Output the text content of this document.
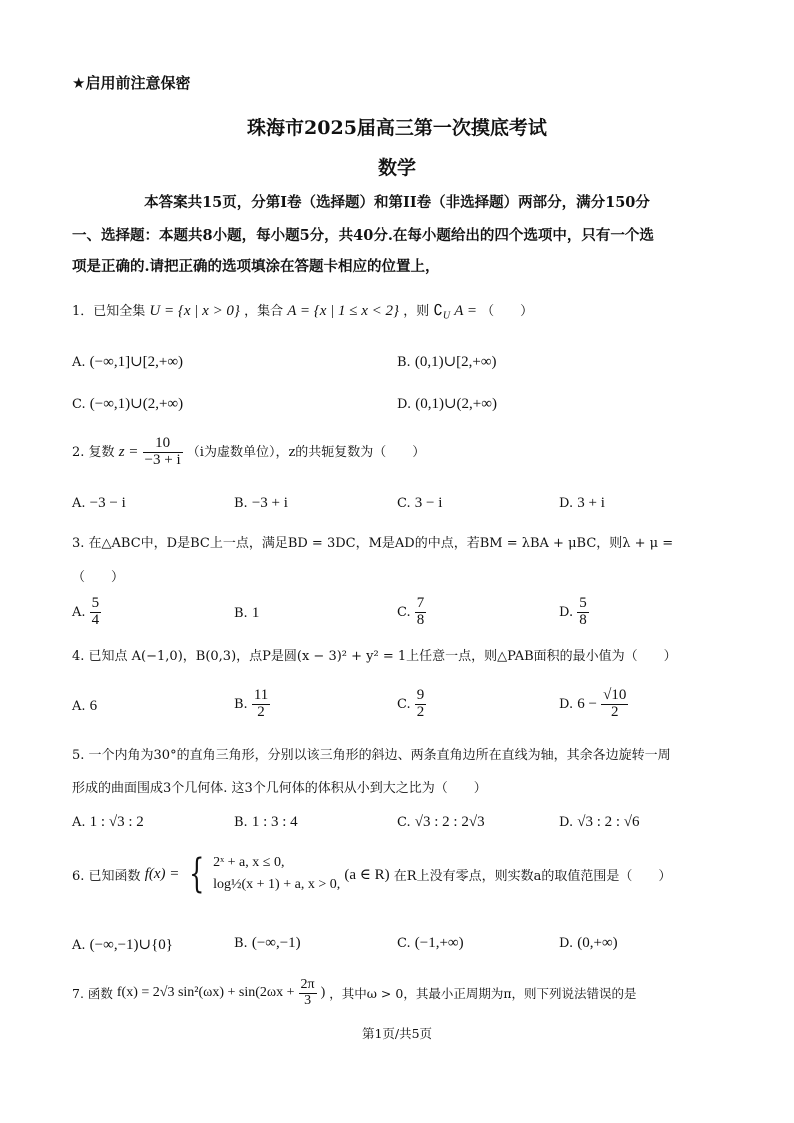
★启用前注意保密
珠海市2025届高三第一次摸底考试
数学
本答案共15页，分第I卷（选择题）和第II卷（非选择题）两部分，满分150分
一、选择题：本题共8小题，每小题5分，共40分.在每小题给出的四个选项中，只有一个选
项是正确的.请把正确的选项填涂在答题卡相应的位置上，
1．已知全集 U = {x | x > 0} ，集合 A = {x | 1 ≤ x < 2} ，则 $∁_U$ A = （　　）
A. (−∞,1]∪[2,+∞)	B. (0,1)∪[2,+∞)
C. (−∞,1)∪(2,+∞)	D. (0,1)∪(2,+∞)
2. 复数 $z = \frac{10}{-3 + i} (i$为虚数单位），z的共轭复数为（　　）
A. −3 − i	B. −3 + i	C. 3 − i	D. 3 + i
3. 在△ABC中，D是BC上一点，满足BD = 3DC，M是AD的中点，若BM = λBA + μBC，则λ + μ =
（　　）
A. $\frac{5}{4}$	B. 1	C. $\frac{7}{8}$	D. $\frac{5}{8}$
4. 已知点 A(−1,0)，B(0,3)，点P是圆(x − 3)² + y² = 1上任意一点，则△PAB面积的最小值为（　　）
A. 6	B. $\frac{11}{2}$	C. $\frac{9}{2}$	D. $6 - \frac{√10}{2}$
5. 一个内角为30°的直角三角形，分别以该三角形的斜边、两条直角边所在直线为轴，其余各边旋转一周
形成的曲面围成3个几何体. 这3个几何体的体积从小到大之比为（　　）
A. 1 : √3 : 2	B. 1 : 3 : 4	C. √3 : 2 : 2√3	D. √3 : 2 : √6
6. 已知函数 f(x) = { 2ˣ + a, x ≤ 0,
log½(x + 1) + a, x > 0,
(a ∈ R) 在R上没有零点，则实数a的取值范围是（　　）
A. (−∞,−1)∪{0}	B. (−∞,−1)	C. (−1,+∞)	D. (0,+∞)
7. 函数 f(x) = 2√3 $\sin^2(\omega x) + \sin(2\omega x + \frac{2\pi}{3}$ ) ，其中ω > 0，其最小正周期为π，则下列说法错误的是
第1页/共5页
